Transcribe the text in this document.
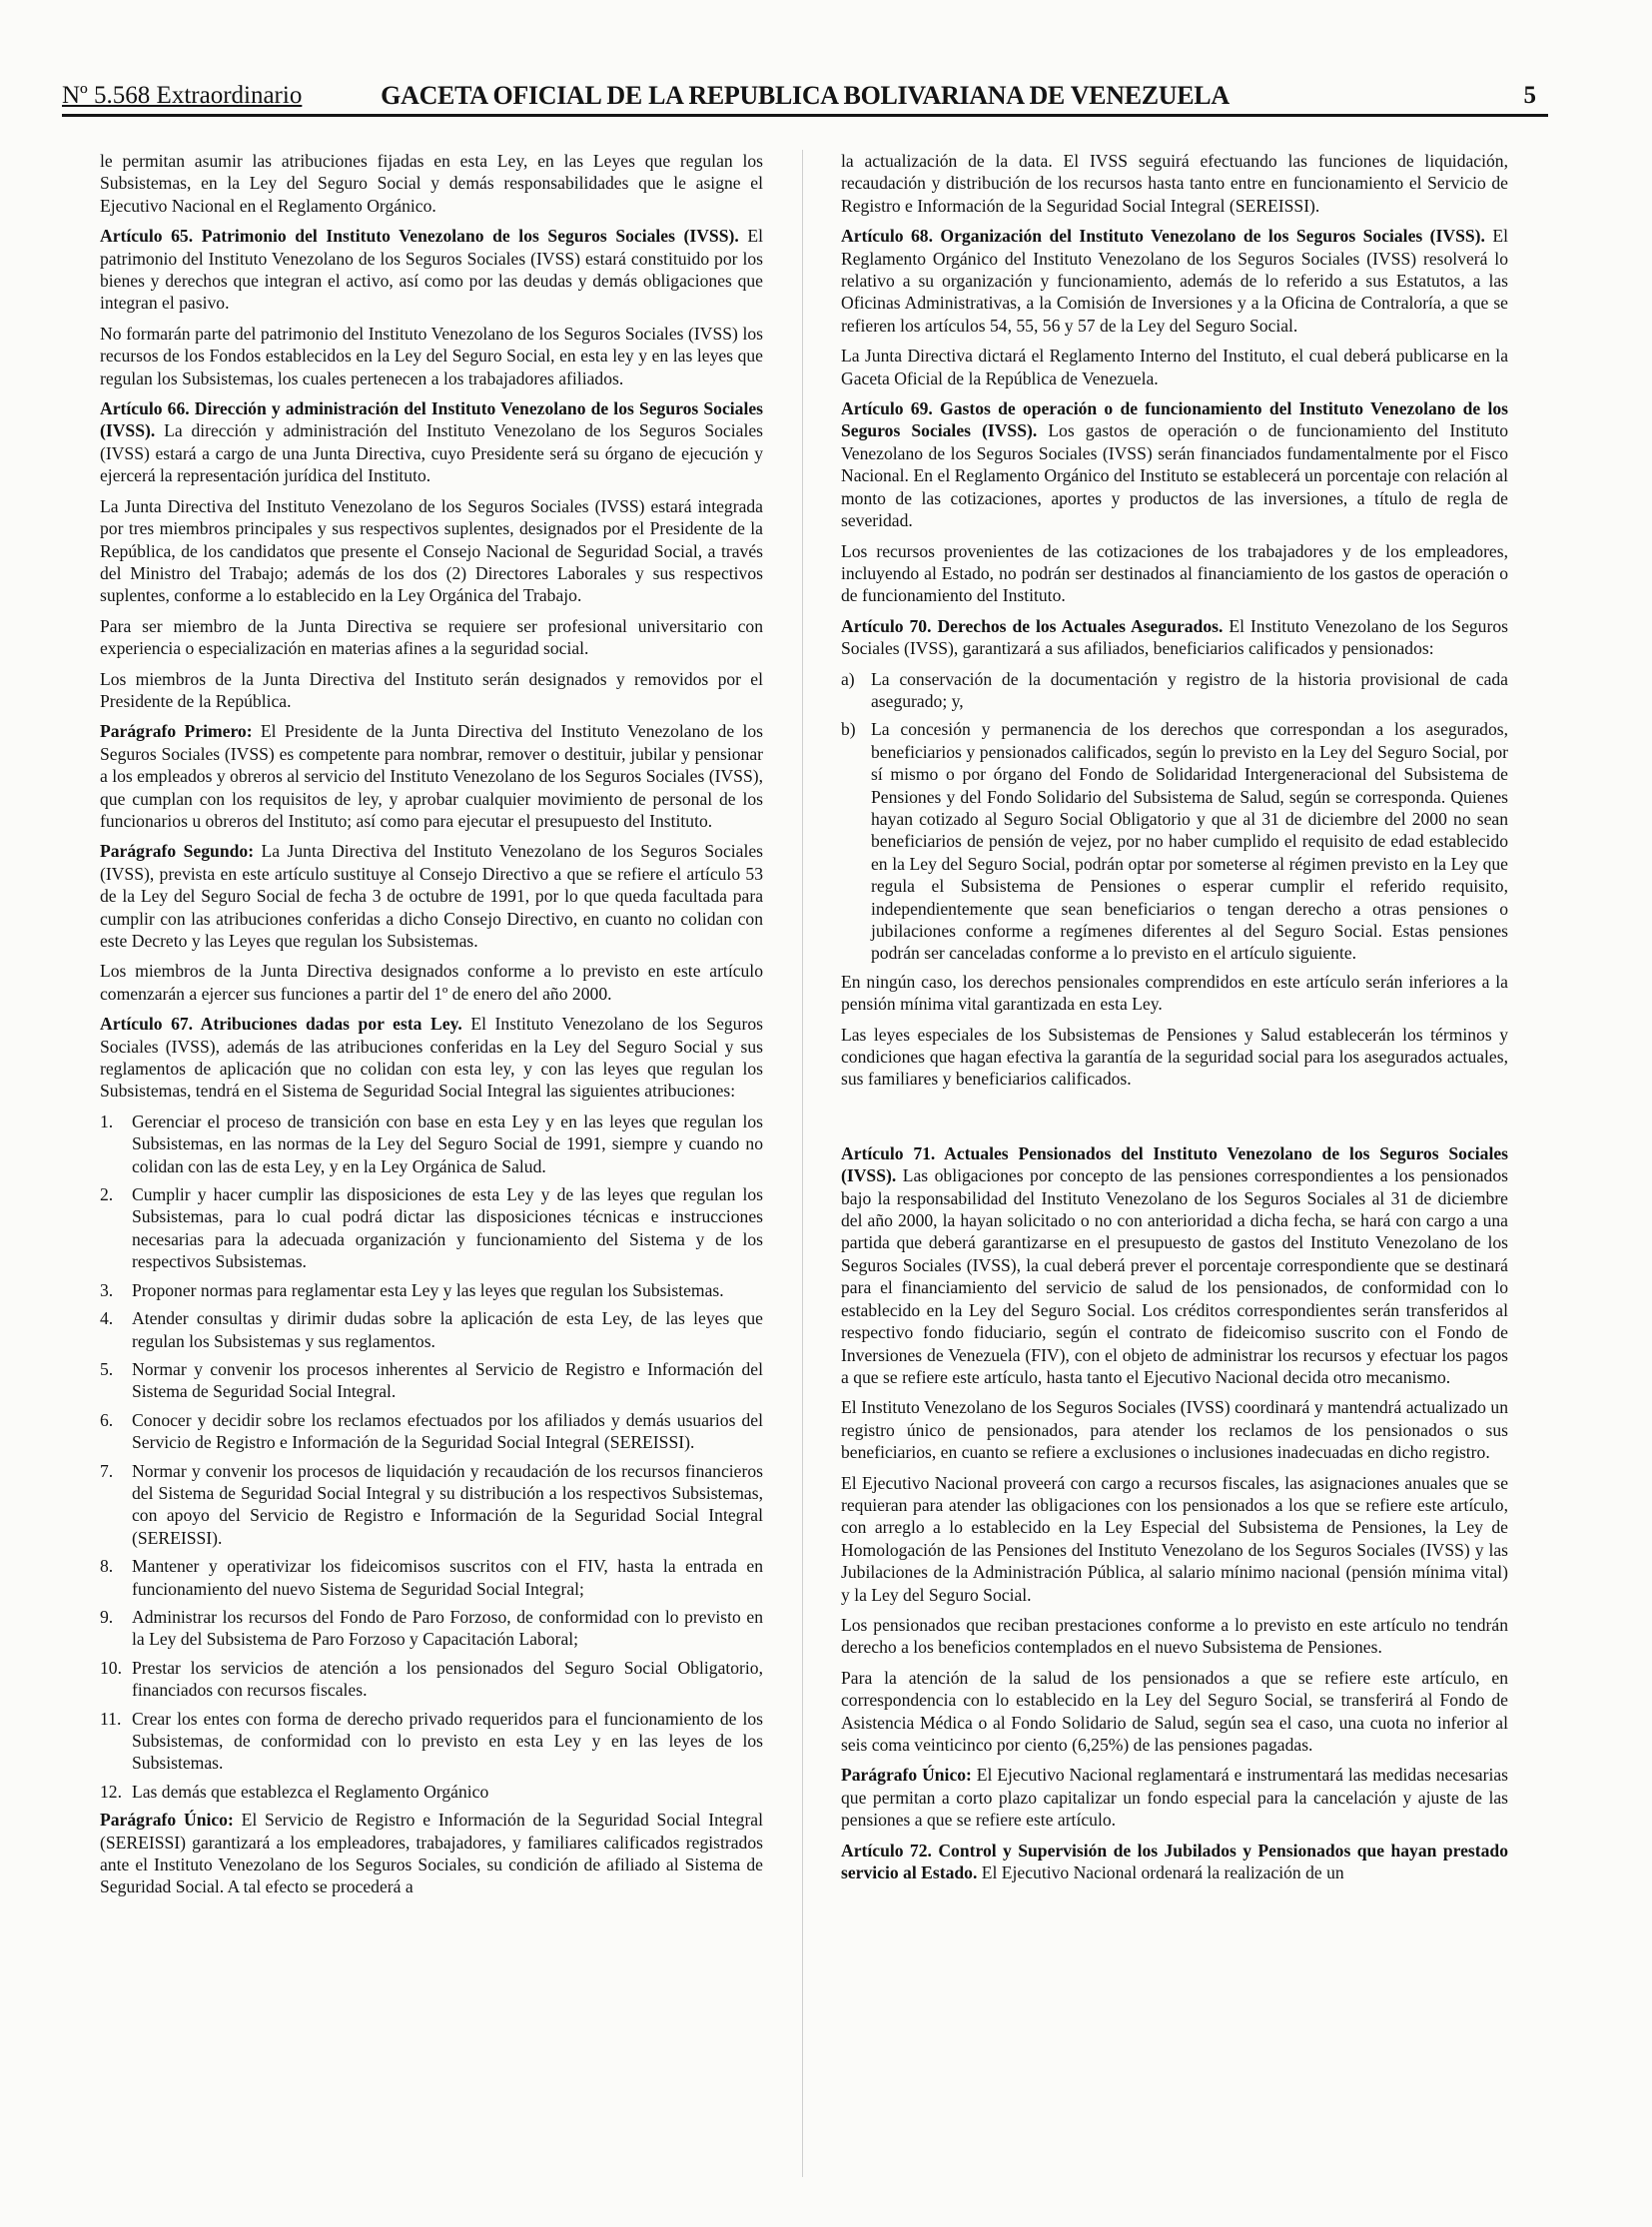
Nº 5.568 Extraordinario	GACETA OFICIAL DE LA REPUBLICA BOLIVARIANA DE VENEZUELA	5

le permitan asumir las atribuciones fijadas en esta Ley, en las Leyes que regulan los Subsistemas, en la Ley del Seguro Social y demás responsabilidades que le asigne el Ejecutivo Nacional en el Reglamento Orgánico.

Artículo 65. Patrimonio del Instituto Venezolano de los Seguros Sociales (IVSS). El patrimonio del Instituto Venezolano de los Seguros Sociales (IVSS) estará constituido por los bienes y derechos que integran el activo, así como por las deudas y demás obligaciones que integran el pasivo.

No formarán parte del patrimonio del Instituto Venezolano de los Seguros Sociales (IVSS) los recursos de los Fondos establecidos en la Ley del Seguro Social, en esta ley y en las leyes que regulan los Subsistemas, los cuales pertenecen a los trabajadores afiliados.

Artículo 66. Dirección y administración del Instituto Venezolano de los Seguros Sociales (IVSS). La dirección y administración del Instituto Venezolano de los Seguros Sociales (IVSS) estará a cargo de una Junta Directiva, cuyo Presidente será su órgano de ejecución y ejercerá la representación jurídica del Instituto.

La Junta Directiva del Instituto Venezolano de los Seguros Sociales (IVSS) estará integrada por tres miembros principales y sus respectivos suplentes, designados por el Presidente de la República, de los candidatos que presente el Consejo Nacional de Seguridad Social, a través del Ministro del Trabajo; además de los dos (2) Directores Laborales y sus respectivos suplentes, conforme a lo establecido en la Ley Orgánica del Trabajo.

Para ser miembro de la Junta Directiva se requiere ser profesional universitario con experiencia o especialización en materias afines a la seguridad social.

Los miembros de la Junta Directiva del Instituto serán designados y removidos por el Presidente de la República.

Parágrafo Primero: El Presidente de la Junta Directiva del Instituto Venezolano de los Seguros Sociales (IVSS) es competente para nombrar, remover o destituir, jubilar y pensionar a los empleados y obreros al servicio del Instituto Venezolano de los Seguros Sociales (IVSS), que cumplan con los requisitos de ley, y aprobar cualquier movimiento de personal de los funcionarios u obreros del Instituto; así como para ejecutar el presupuesto del Instituto.

Parágrafo Segundo: La Junta Directiva del Instituto Venezolano de los Seguros Sociales (IVSS), prevista en este artículo sustituye al Consejo Directivo a que se refiere el artículo 53 de la Ley del Seguro Social de fecha 3 de octubre de 1991, por lo que queda facultada para cumplir con las atribuciones conferidas a dicho Consejo Directivo, en cuanto no colidan con este Decreto y las Leyes que regulan los Subsistemas.

Los miembros de la Junta Directiva designados conforme a lo previsto en este artículo comenzarán a ejercer sus funciones a partir del 1º de enero del año 2000.

Artículo 67. Atribuciones dadas por esta Ley. El Instituto Venezolano de los Seguros Sociales (IVSS), además de las atribuciones conferidas en la Ley del Seguro Social y sus reglamentos de aplicación que no colidan con esta ley, y con las leyes que regulan los Subsistemas, tendrá en el Sistema de Seguridad Social Integral las siguientes atribuciones:

1. Gerenciar el proceso de transición con base en esta Ley y en las leyes que regulan los Subsistemas, en las normas de la Ley del Seguro Social de 1991, siempre y cuando no colidan con las de esta Ley, y en la Ley Orgánica de Salud.
2. Cumplir y hacer cumplir las disposiciones de esta Ley y de las leyes que regulan los Subsistemas, para lo cual podrá dictar las disposiciones técnicas e instrucciones necesarias para la adecuada organización y funcionamiento del Sistema y de los respectivos Subsistemas.
3. Proponer normas para reglamentar esta Ley y las leyes que regulan los Subsistemas.
4. Atender consultas y dirimir dudas sobre la aplicación de esta Ley, de las leyes que regulan los Subsistemas y sus reglamentos.
5. Normar y convenir los procesos inherentes al Servicio de Registro e Información del Sistema de Seguridad Social Integral.
6. Conocer y decidir sobre los reclamos efectuados por los afiliados y demás usuarios del Servicio de Registro e Información de la Seguridad Social Integral (SEREISSI).
7. Normar y convenir los procesos de liquidación y recaudación de los recursos financieros del Sistema de Seguridad Social Integral y su distribución a los respectivos Subsistemas, con apoyo del Servicio de Registro e Información de la Seguridad Social Integral (SEREISSI).
8. Mantener y operativizar los fideicomisos suscritos con el FIV, hasta la entrada en funcionamiento del nuevo Sistema de Seguridad Social Integral;
9. Administrar los recursos del Fondo de Paro Forzoso, de conformidad con lo previsto en la Ley del Subsistema de Paro Forzoso y Capacitación Laboral;
10. Prestar los servicios de atención a los pensionados del Seguro Social Obligatorio, financiados con recursos fiscales.
11. Crear los entes con forma de derecho privado requeridos para el funcionamiento de los Subsistemas, de conformidad con lo previsto en esta Ley y en las leyes de los Subsistemas.
12. Las demás que establezca el Reglamento Orgánico

Parágrafo Único: El Servicio de Registro e Información de la Seguridad Social Integral (SEREISSI) garantizará a los empleadores, trabajadores, y familiares calificados registrados ante el Instituto Venezolano de los Seguros Sociales, su condición de afiliado al Sistema de Seguridad Social. A tal efecto se procederá a

la actualización de la data. El IVSS seguirá efectuando las funciones de liquidación, recaudación y distribución de los recursos hasta tanto entre en funcionamiento el Servicio de Registro e Información de la Seguridad Social Integral (SEREISSI).

Artículo 68. Organización del Instituto Venezolano de los Seguros Sociales (IVSS). El Reglamento Orgánico del Instituto Venezolano de los Seguros Sociales (IVSS) resolverá lo relativo a su organización y funcionamiento, además de lo referido a sus Estatutos, a las Oficinas Administrativas, a la Comisión de Inversiones y a la Oficina de Contraloría, a que se refieren los artículos 54, 55, 56 y 57 de la Ley del Seguro Social.

La Junta Directiva dictará el Reglamento Interno del Instituto, el cual deberá publicarse en la Gaceta Oficial de la República de Venezuela.

Artículo 69. Gastos de operación o de funcionamiento del Instituto Venezolano de los Seguros Sociales (IVSS). Los gastos de operación o de funcionamiento del Instituto Venezolano de los Seguros Sociales (IVSS) serán financiados fundamentalmente por el Fisco Nacional. En el Reglamento Orgánico del Instituto se establecerá un porcentaje con relación al monto de las cotizaciones, aportes y productos de las inversiones, a título de regla de severidad.

Los recursos provenientes de las cotizaciones de los trabajadores y de los empleadores, incluyendo al Estado, no podrán ser destinados al financiamiento de los gastos de operación o de funcionamiento del Instituto.

Artículo 70. Derechos de los Actuales Asegurados. El Instituto Venezolano de los Seguros Sociales (IVSS), garantizará a sus afiliados, beneficiarios calificados y pensionados:

a) La conservación de la documentación y registro de la historia provisional de cada asegurado; y,
b) La concesión y permanencia de los derechos que correspondan a los asegurados, beneficiarios y pensionados calificados, según lo previsto en la Ley del Seguro Social, por sí mismo o por órgano del Fondo de Solidaridad Intergeneracional del Subsistema de Pensiones y del Fondo Solidario del Subsistema de Salud, según se corresponda. Quienes hayan cotizado al Seguro Social Obligatorio y que al 31 de diciembre del 2000 no sean beneficiarios de pensión de vejez, por no haber cumplido el requisito de edad establecido en la Ley del Seguro Social, podrán optar por someterse al régimen previsto en la Ley que regula el Subsistema de Pensiones o esperar cumplir el referido requisito, independientemente que sean beneficiarios o tengan derecho a otras pensiones o jubilaciones conforme a regímenes diferentes al del Seguro Social. Estas pensiones podrán ser canceladas conforme a lo previsto en el artículo siguiente.

En ningún caso, los derechos pensionales comprendidos en este artículo serán inferiores a la pensión mínima vital garantizada en esta Ley.

Las leyes especiales de los Subsistemas de Pensiones y Salud establecerán los términos y condiciones que hagan efectiva la garantía de la seguridad social para los asegurados actuales, sus familiares y beneficiarios calificados.

Artículo 71. Actuales Pensionados del Instituto Venezolano de los Seguros Sociales (IVSS). Las obligaciones por concepto de las pensiones correspondientes a los pensionados bajo la responsabilidad del Instituto Venezolano de los Seguros Sociales al 31 de diciembre del año 2000, la hayan solicitado o no con anterioridad a dicha fecha, se hará con cargo a una partida que deberá garantizarse en el presupuesto de gastos del Instituto Venezolano de los Seguros Sociales (IVSS), la cual deberá prever el porcentaje correspondiente que se destinará para el financiamiento del servicio de salud de los pensionados, de conformidad con lo establecido en la Ley del Seguro Social. Los créditos correspondientes serán transferidos al respectivo fondo fiduciario, según el contrato de fideicomiso suscrito con el Fondo de Inversiones de Venezuela (FIV), con el objeto de administrar los recursos y efectuar los pagos a que se refiere este artículo, hasta tanto el Ejecutivo Nacional decida otro mecanismo.

El Instituto Venezolano de los Seguros Sociales (IVSS) coordinará y mantendrá actualizado un registro único de pensionados, para atender los reclamos de los pensionados o sus beneficiarios, en cuanto se refiere a exclusiones o inclusiones inadecuadas en dicho registro.

El Ejecutivo Nacional proveerá con cargo a recursos fiscales, las asignaciones anuales que se requieran para atender las obligaciones con los pensionados a los que se refiere este artículo, con arreglo a lo establecido en la Ley Especial del Subsistema de Pensiones, la Ley de Homologación de las Pensiones del Instituto Venezolano de los Seguros Sociales (IVSS) y las Jubilaciones de la Administración Pública, al salario mínimo nacional (pensión mínima vital) y la Ley del Seguro Social.

Los pensionados que reciban prestaciones conforme a lo previsto en este artículo no tendrán derecho a los beneficios contemplados en el nuevo Subsistema de Pensiones.

Para la atención de la salud de los pensionados a que se refiere este artículo, en correspondencia con lo establecido en la Ley del Seguro Social, se transferirá al Fondo de Asistencia Médica o al Fondo Solidario de Salud, según sea el caso, una cuota no inferior al seis coma veinticinco por ciento (6,25%) de las pensiones pagadas.

Parágrafo Único: El Ejecutivo Nacional reglamentará e instrumentará las medidas necesarias que permitan a corto plazo capitalizar un fondo especial para la cancelación y ajuste de las pensiones a que se refiere este artículo.

Artículo 72. Control y Supervisión de los Jubilados y Pensionados que hayan prestado servicio al Estado. El Ejecutivo Nacional ordenará la realización de un
